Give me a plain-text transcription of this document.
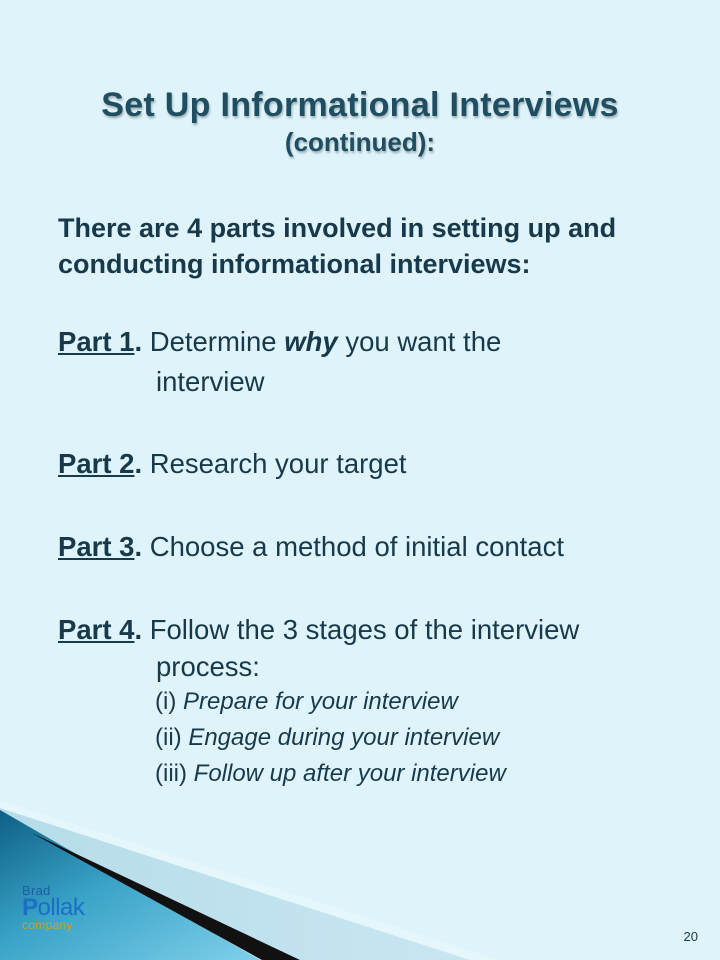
Brad
Pollak
company
Set Up Informational Interviews
(continued):

There are 4 parts involved in setting up and conducting informational interviews:

Part 1. Determine why you want the

interview

Part 2. Research your target

Part 3. Choose a method of initial contact

Part 4. Follow the 3 stages of the interview

process:

(i) Prepare for your interview

(ii) Engage during your interview

(iii) Follow up after your interview

20
